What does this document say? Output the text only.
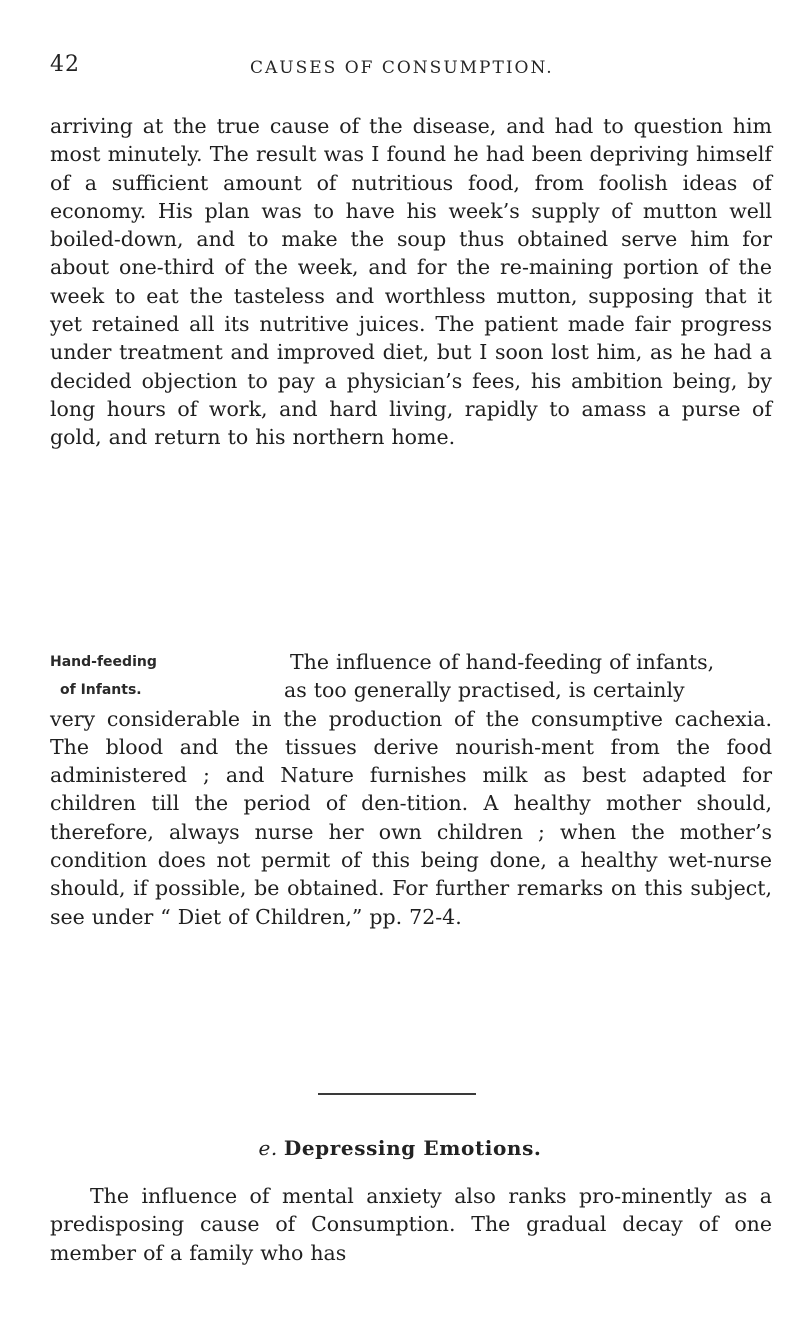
42	CAUSES OF CONSUMPTION.

arriving at the true cause of the disease, and had to question him most minutely. The result was I found he had been depriving himself of a sufficient amount of nutritious food, from foolish ideas of economy. His plan was to have his week’s supply of mutton well boiled-down, and to make the soup thus obtained serve him for about one-third of the week, and for the re-maining portion of the week to eat the tasteless and worthless mutton, supposing that it yet retained all its nutritive juices. The patient made fair progress under treatment and improved diet, but I soon lost him, as he had a decided objection to pay a physician’s fees, his ambition being, by long hours of work, and hard living, rapidly to amass a purse of gold, and return to his northern home.

Hand-feeding
of Infants.
The influence of hand-feeding of infants,
as too generally practised, is certainly

very considerable in the production of the consumptive cachexia. The blood and the tissues derive nourish-ment from the food administered ; and Nature furnishes milk as best adapted for children till the period of den-tition. A healthy mother should, therefore, always nurse her own children ; when the mother’s condition does not permit of this being done, a healthy wet-nurse should, if possible, be obtained. For further remarks on this subject, see under “ Diet of Children,” pp. 72-4.

e. Depressing Emotions.

The influence of mental anxiety also ranks pro-minently as a predisposing cause of Consumption. The gradual decay of one member of a family who has
